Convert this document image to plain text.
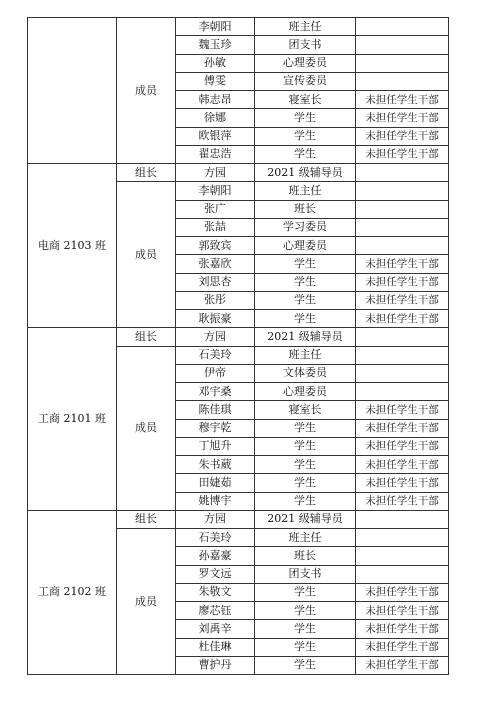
	成员	李朝阳	班主任	
		魏玉珍	团支书	
		孙敏	心理委员	
		傅雯	宣传委员	
		韩志昂	寝室长	未担任学生干部
		徐娜	学生	未担任学生干部
		欧银萍	学生	未担任学生干部
		翟忠浩	学生	未担任学生干部
电商 2103 班	组长	方园	2021 级辅导员	
	成员	李朝阳	班主任	
		张广	班长	
		张喆	学习委员	
		郭致宾	心理委员	
		张嘉欣	学生	未担任学生干部
		刘思杏	学生	未担任学生干部
		张彤	学生	未担任学生干部
		耿振豪	学生	未担任学生干部
工商 2101 班	组长	方园	2021 级辅导员	
	成员	石美玲	班主任	
		伊帝	文体委员	
		邓宇桑	心理委员	
		陈佳琪	寝室长	未担任学生干部
		穆宇乾	学生	未担任学生干部
		丁旭升	学生	未担任学生干部
		朱书葳	学生	未担任学生干部
		田婕茹	学生	未担任学生干部
		姚博宇	学生	未担任学生干部
工商 2102 班	组长	方园	2021 级辅导员	
	成员	石美玲	班主任	
		孙嘉豪	班长	
		罗文远	团支书	
		朱敬文	学生	未担任学生干部
		廖芯钰	学生	未担任学生干部
		刘禹辛	学生	未担任学生干部
		杜佳琳	学生	未担任学生干部
		曹护丹	学生	未担任学生干部
